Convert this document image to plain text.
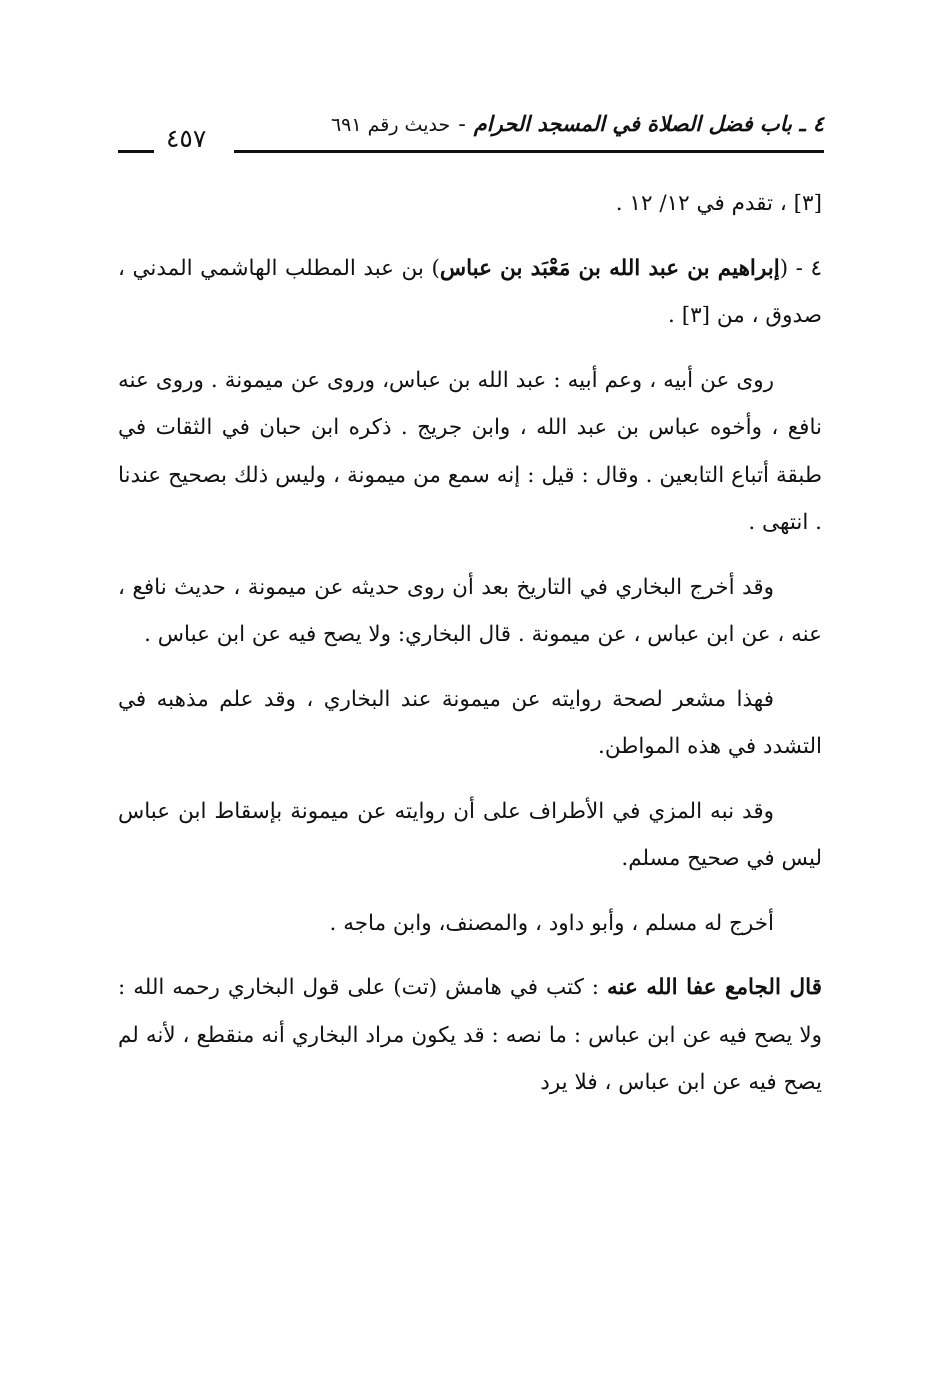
٤ ـ باب فضل الصلاة في المسجد الحرام-حديث رقم ٦٩١
٤٥٧

[٣] ، تقدم في ١٢/ ١٢ .

٤ - (إبراهيم بن عبد الله بن مَعْبَد بن عباس) بن عبد المطلب الهاشمي المدني ، صدوق ، من [٣] .

روى عن أبيه ، وعم أبيه : عبد الله بن عباس، وروى عن ميمونة . وروى عنه نافع ، وأخوه عباس بن عبد الله ، وابن جريج . ذكره ابن حبان في الثقات في طبقة أتباع التابعين . وقال : قيل : إنه سمع من ميمونة ، وليس ذلك بصحيح عندنا . انتهى .

وقد أخرج البخاري في التاريخ بعد أن روى حديثه عن ميمونة ، حديث نافع ، عنه ، عن ابن عباس ، عن ميمونة . قال البخاري: ولا يصح فيه عن ابن عباس .

فهذا مشعر لصحة روايته عن ميمونة عند البخاري ، وقد علم مذهبه في التشدد في هذه المواطن.

وقد نبه المزي في الأطراف على أن روايته عن ميمونة بإسقاط ابن عباس ليس في صحيح مسلم.

أخرج له مسلم ، وأبو داود ، والمصنف، وابن ماجه .

قال الجامع عفا الله عنه : كتب في هامش (تت) على قول البخاري رحمه الله : ولا يصح فيه عن ابن عباس : ما نصه : قد يكون مراد البخاري أنه منقطع ، لأنه لم يصح فيه عن ابن عباس ، فلا يرد
